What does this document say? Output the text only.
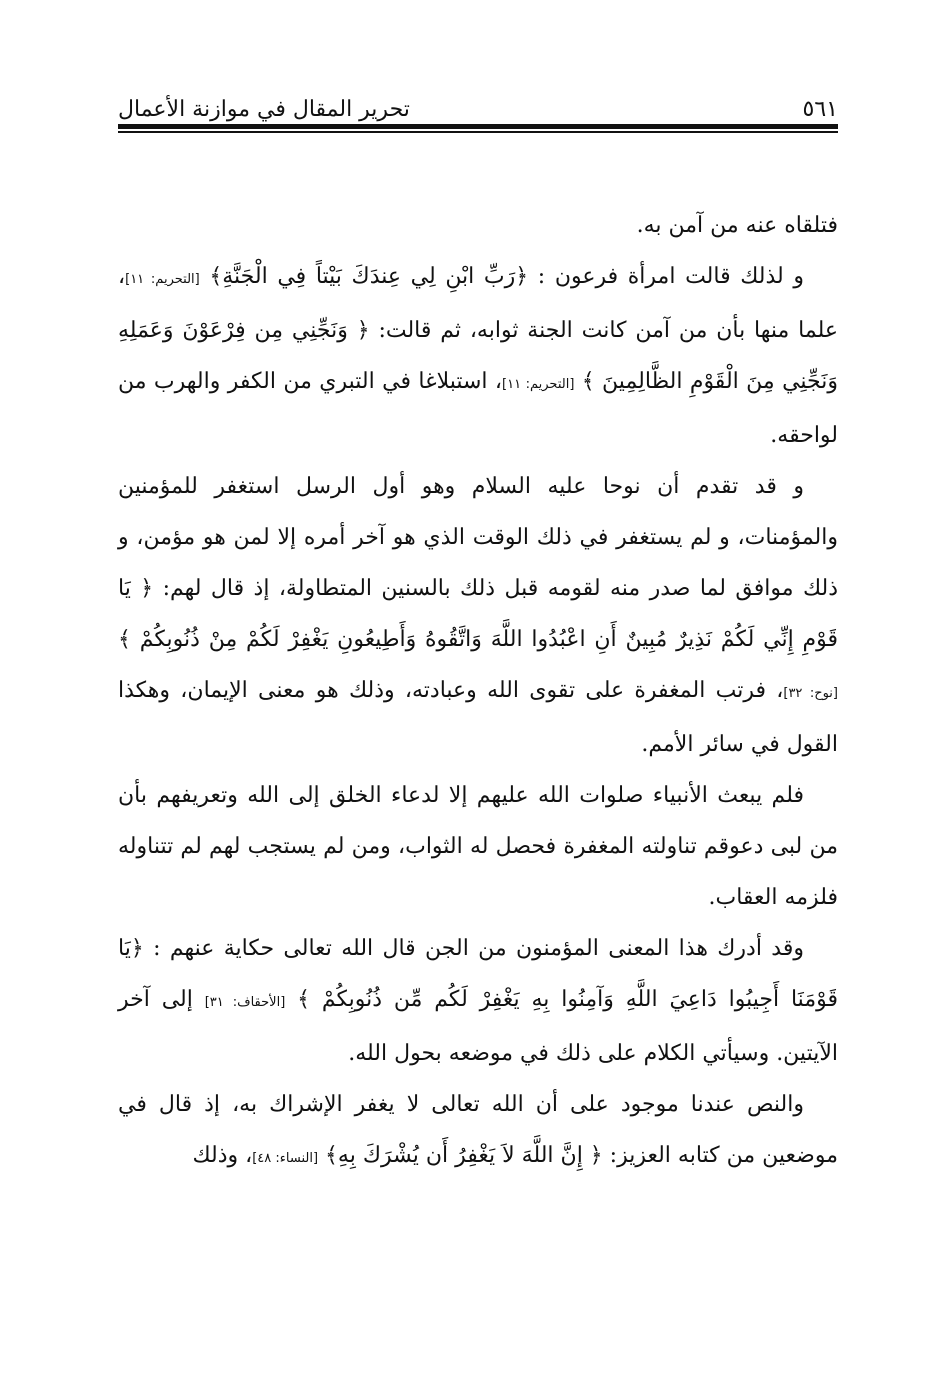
٥٦١
تحرير المقال في موازنة الأعمال

فتلقاه عنه من آمن به.

و لذلك قالت امرأة فرعون : ﴿رَبِّ ابْنِ لِي عِندَكَ بَيْتاً فِي الْجَنَّةِ﴾ [التحريم: ١١]، علما منها بأن من آمن كانت الجنة ثوابه، ثم قالت: ﴿ وَنَجِّنِي مِن فِرْعَوْنَ وَعَمَلِهِ وَنَجِّنِي مِنَ الْقَوْمِ الظَّالِمِينَ ﴾ [التحريم: ١١]، استبلاغا في التبري من الكفر والهرب من لواحقه.

و قد تقدم أن نوحا عليه السلام وهو أول الرسل استغفر للمؤمنين والمؤمنات، و لم يستغفر في ذلك الوقت الذي هو آخر أمره إلا لمن هو مؤمن، و ذلك موافق لما صدر منه لقومه قبل ذلك بالسنين المتطاولة، إذ قال لهم: ﴿ يَا قَوْمِ إِنِّي لَكُمْ نَذِيرٌ مُبِينٌ أَنِ اعْبُدُوا اللَّهَ وَاتَّقُوهُ وَأَطِيعُونِ يَغْفِرْ لَكُمْ مِنْ ذُنُوبِكُمْ ﴾ [نوح: ٣٢]، فرتب المغفرة على تقوى الله وعبادته، وذلك هو معنى الإيمان، وهكذا القول في سائر الأمم.

فلم يبعث الأنبياء صلوات الله عليهم إلا لدعاء الخلق إلى الله وتعريفهم بأن من لبى دعوقم تناولته المغفرة فحصل له الثواب، ومن لم يستجب لهم لم تتناوله فلزمه العقاب.

وقد أدرك هذا المعنى المؤمنون من الجن قال الله تعالى حكاية عنهم : ﴿يَا قَوْمَنَا أَجِيبُوا دَاعِيَ اللَّهِ وَآمِنُوا بِهِ يَغْفِرْ لَكُم مِّن ذُنُوبِكُمْ ﴾ [الأحقاف: ٣١] إلى آخر الآيتين. وسيأتي الكلام على ذلك في موضعه بحول الله.

والنص عندنا موجود على أن الله تعالى لا يغفر الإشراك به، إذ قال في موضعين من كتابه العزيز: ﴿ إِنَّ اللَّهَ لاَ يَغْفِرُ أَن يُشْرَكَ بِهِ﴾ [النساء: ٤٨]، وذلك
